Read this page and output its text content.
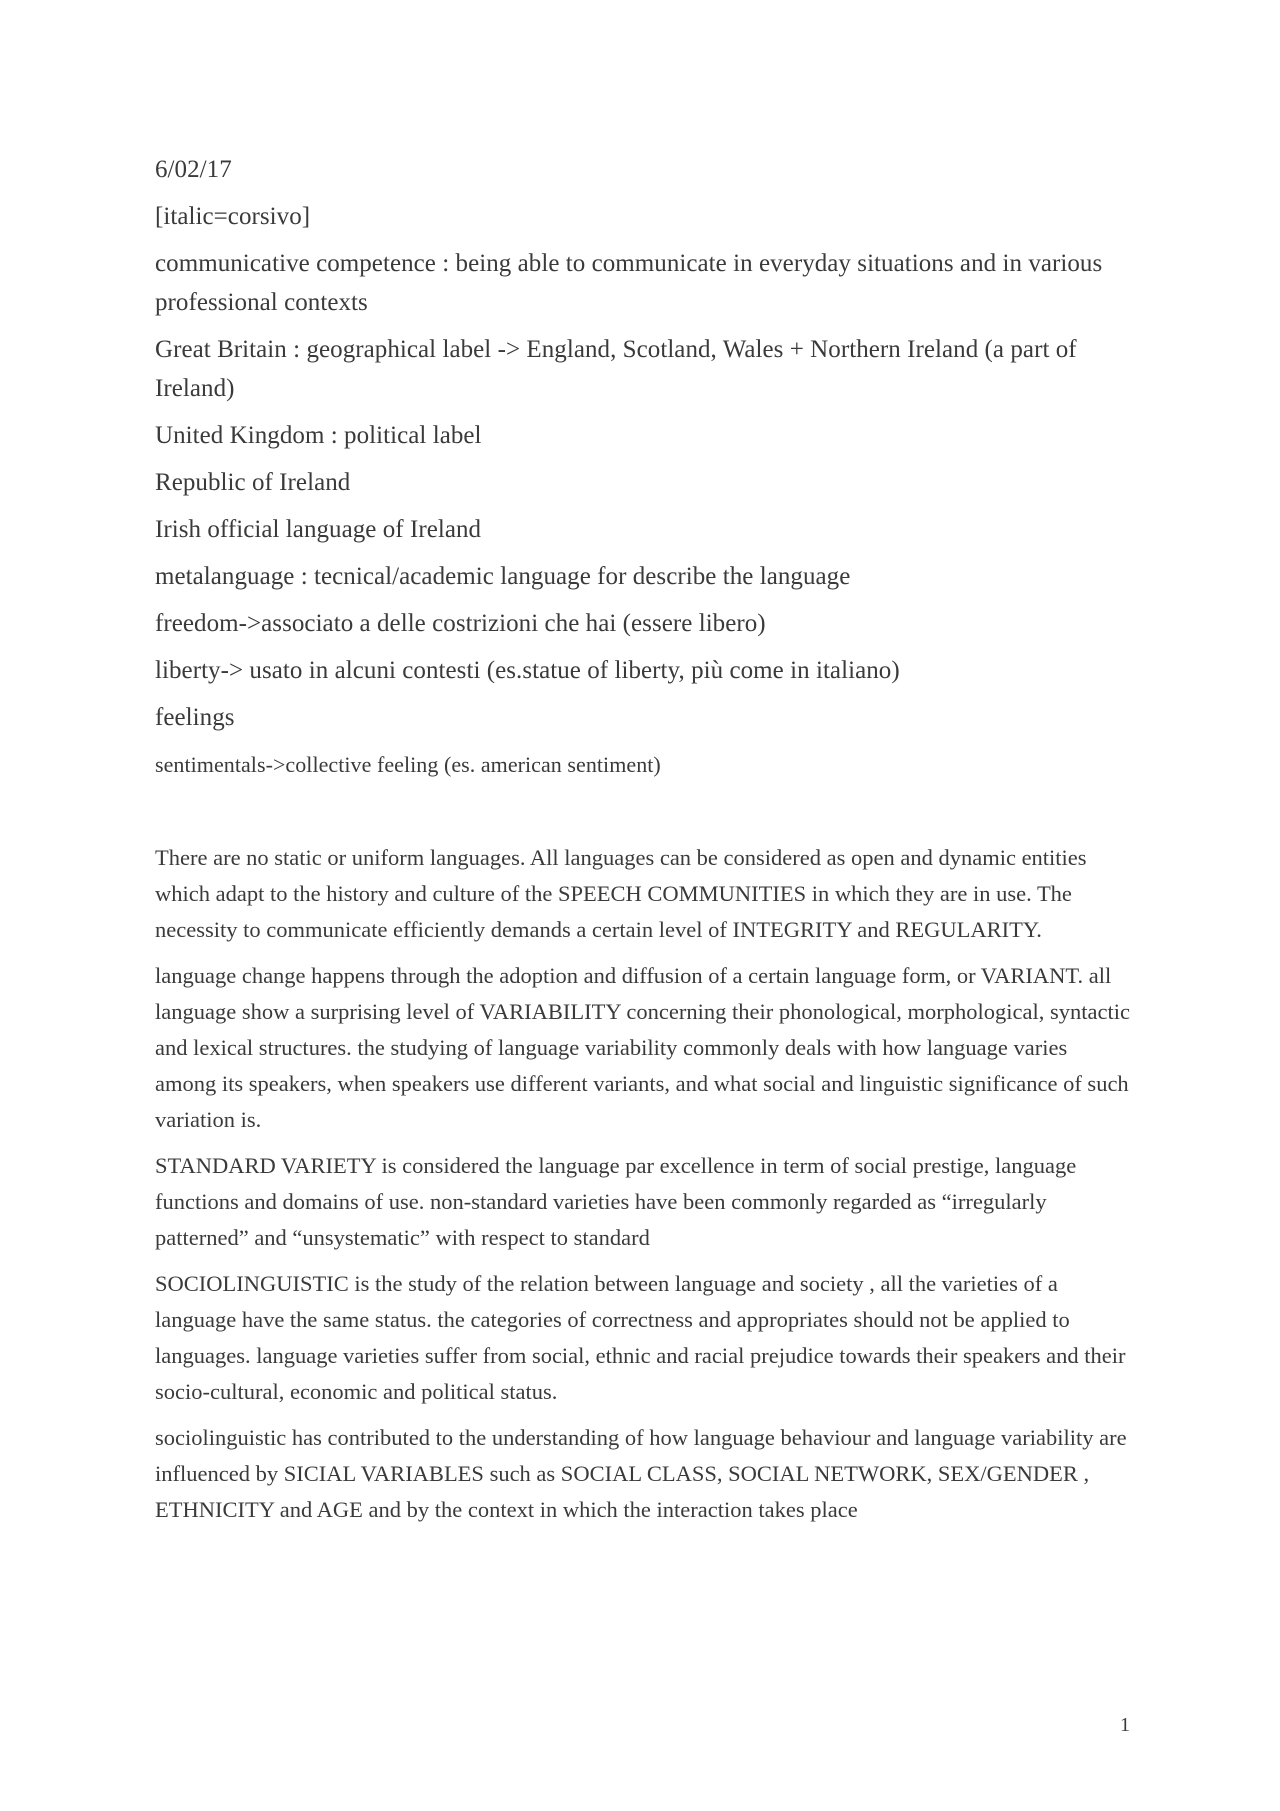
6/02/17

[italic=corsivo]

communicative competence : being able to communicate in everyday situations and in various professional contexts

Great Britain : geographical label -> England, Scotland, Wales + Northern Ireland (a part of Ireland)

United Kingdom : political label

Republic of Ireland

Irish official language of Ireland

metalanguage : tecnical/academic language for describe the language

freedom->associato a delle costrizioni che hai (essere libero)

liberty-> usato in alcuni contesti (es.statue of liberty, più come in italiano)

feelings

sentimentals->collective feeling (es. american sentiment)

There are no static or uniform languages. All languages can be considered as open and dynamic entities which adapt to the history and culture of the SPEECH COMMUNITIES in which they are in use. The necessity to communicate efficiently demands a certain level of INTEGRITY and REGULARITY.

language change happens through the adoption and diffusion of a certain language form, or VARIANT. all language show a surprising level of VARIABILITY concerning their phonological, morphological, syntactic and lexical structures. the studying of language variability commonly deals with how language varies among its speakers, when speakers use different variants, and what social and linguistic significance of such variation is.

STANDARD VARIETY is considered the language par excellence in term of social prestige, language functions and domains of use. non-standard varieties have been commonly regarded as “irregularly patterned” and “unsystematic” with respect to standard

SOCIOLINGUISTIC is the study of the relation between language and society , all the varieties of a language have the same status. the categories of correctness and appropriates should not be applied to languages. language varieties suffer from social, ethnic and racial prejudice towards their speakers and their socio-cultural, economic and political status.

sociolinguistic has contributed to the understanding of how language behaviour and language variability are influenced by SICIAL VARIABLES such as SOCIAL CLASS, SOCIAL NETWORK, SEX/GENDER , ETHNICITY and AGE and by the context in which the interaction takes place

1
